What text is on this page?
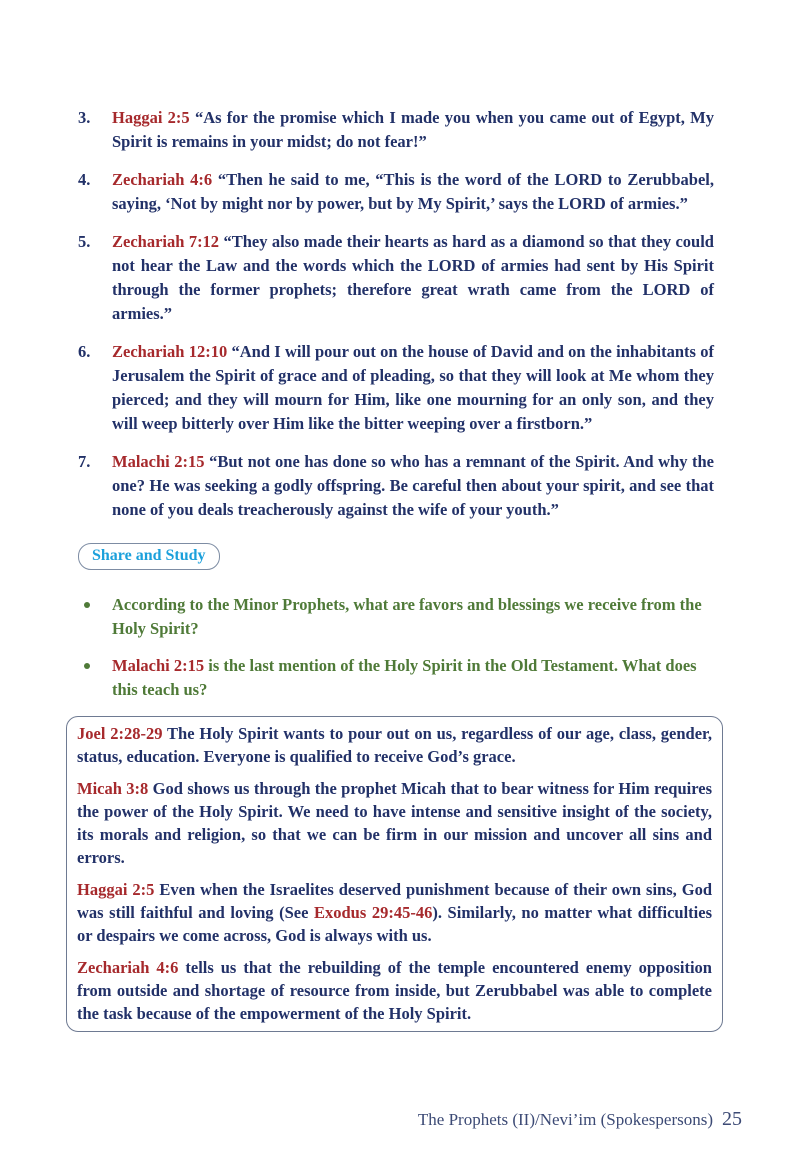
3.	Haggai 2:5 “As for the promise which I made you when you came out of Egypt, My Spirit is remains in your midst; do not fear!”

4.	Zechariah 4:6 “Then he said to me, “This is the word of the LORD to Zerubbabel, saying, ‘Not by might nor by power, but by My Spirit,’ says the LORD of armies.”

5.	Zechariah 7:12 “They also made their hearts as hard as a diamond so that they could not hear the Law and the words which the LORD of armies had sent by His Spirit through the former prophets; therefore great wrath came from the LORD of armies.”

6.	Zechariah 12:10 “And I will pour out on the house of David and on the inhabitants of Jerusalem the Spirit of grace and of pleading, so that they will look at Me whom they pierced; and they will mourn for Him, like one mourning for an only son, and they will weep bitterly over Him like the bitter weeping over a firstborn.”

7.	Malachi 2:15 “But not one has done so who has a remnant of the Spirit. And why the one? He was seeking a godly offspring. Be careful then about your spirit, and see that none of you deals treacherously against the wife of your youth.”

Share and Study

According to the Minor Prophets, what are favors and blessings we receive from the Holy Spirit?

Malachi 2:15 is the last mention of the Holy Spirit in the Old Testament. What does this teach us?

Joel 2:28-29 The Holy Spirit wants to pour out on us, regardless of our age, class, gender, status, education. Everyone is qualified to receive God’s grace.

Micah 3:8 God shows us through the prophet Micah that to bear witness for Him requires the power of the Holy Spirit. We need to have intense and sensitive insight of the society, its morals and religion, so that we can be firm in our mission and uncover all sins and errors.

Haggai 2:5 Even when the Israelites deserved punishment because of their own sins, God was still faithful and loving (See Exodus 29:45-46). Similarly, no matter what difficulties or despairs we come across, God is always with us.

Zechariah 4:6 tells us that the rebuilding of the temple encountered enemy opposition from outside and shortage of resource from inside, but Zerubbabel was able to complete the task because of the empowerment of the Holy Spirit.

The Prophets (II)/Nevi’im (Spokespersons) 25
